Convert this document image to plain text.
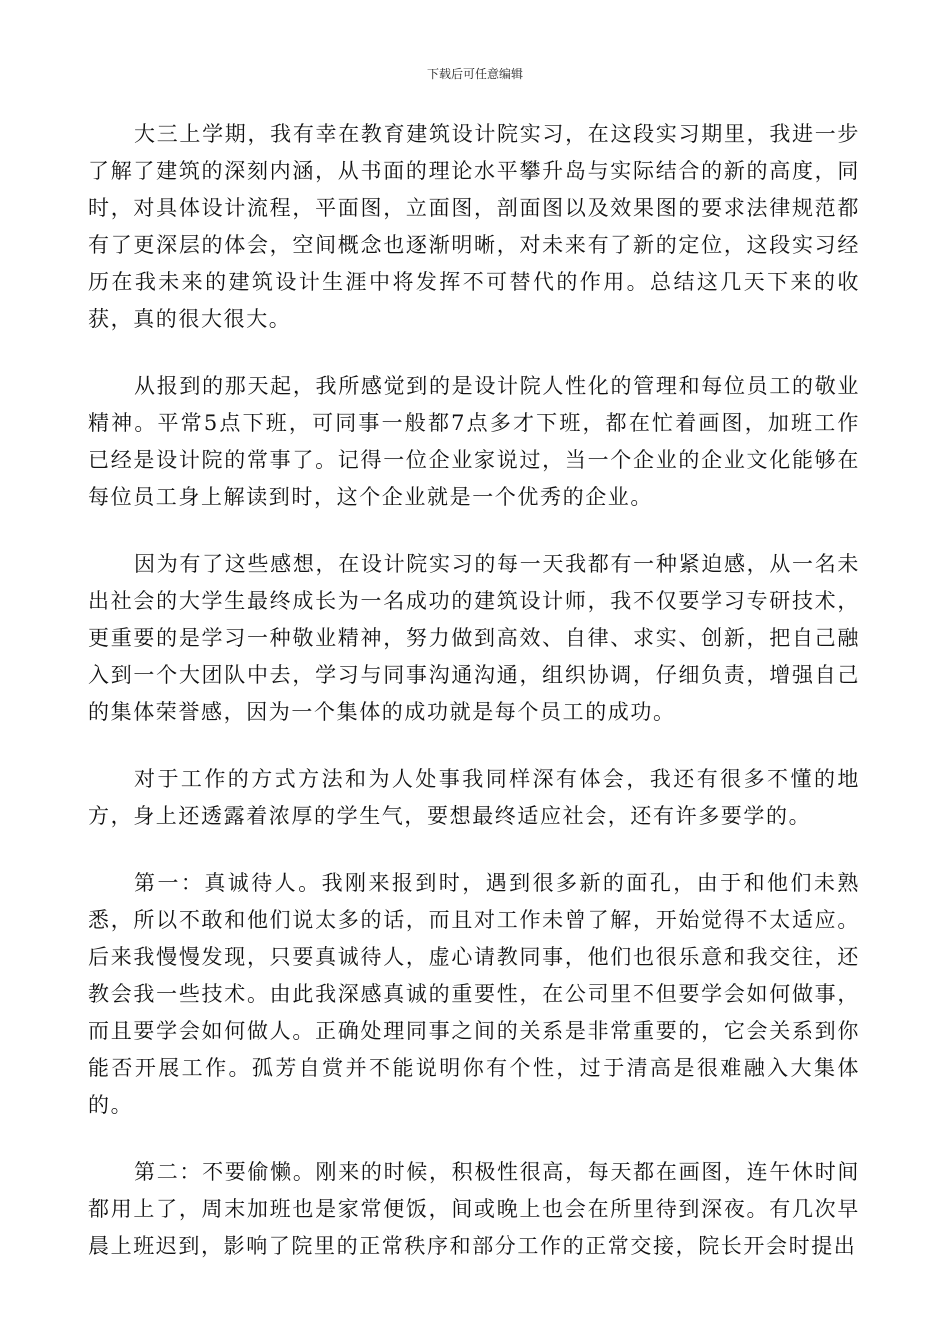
下载后可任意编辑

大三上学期，我有幸在教育建筑设计院实习，在这段实习期里，我进一步了解了建筑的深刻内涵，从书面的理论水平攀升岛与实际结合的新的高度，同时，对具体设计流程，平面图，立面图，剖面图以及效果图的要求法律规范都有了更深层的体会，空间概念也逐渐明晰，对未来有了新的定位，这段实习经历在我未来的建筑设计生涯中将发挥不可替代的作用。总结这几天下来的收获，真的很大很大。

从报到的那天起，我所感觉到的是设计院人性化的管理和每位员工的敬业精神。平常5点下班，可同事一般都7点多才下班，都在忙着画图，加班工作已经是设计院的常事了。记得一位企业家说过，当一个企业的企业文化能够在每位员工身上解读到时，这个企业就是一个优秀的企业。

因为有了这些感想，在设计院实习的每一天我都有一种紧迫感，从一名未出社会的大学生最终成长为一名成功的建筑设计师，我不仅要学习专研技术，更重要的是学习一种敬业精神，努力做到高效、自律、求实、创新，把自己融入到一个大团队中去，学习与同事沟通沟通，组织协调，仔细负责，增强自己的集体荣誉感，因为一个集体的成功就是每个员工的成功。

对于工作的方式方法和为人处事我同样深有体会，我还有很多不懂的地方，身上还透露着浓厚的学生气，要想最终适应社会，还有许多要学的。

第一：真诚待人。我刚来报到时，遇到很多新的面孔，由于和他们未熟悉，所以不敢和他们说太多的话，而且对工作未曾了解，开始觉得不太适应。后来我慢慢发现，只要真诚待人，虚心请教同事，他们也很乐意和我交往，还教会我一些技术。由此我深感真诚的重要性，在公司里不但要学会如何做事，而且要学会如何做人。正确处理同事之间的关系是非常重要的，它会关系到你能否开展工作。孤芳自赏并不能说明你有个性，过于清高是很难融入大集体的。

第二：不要偷懒。刚来的时候，积极性很高，每天都在画图，连午休时间都用上了，周末加班也是家常便饭，间或晚上也会在所里待到深夜。有几次早晨上班迟到，影响了院里的正常秩序和部分工作的正常交接，院长开会时提出
